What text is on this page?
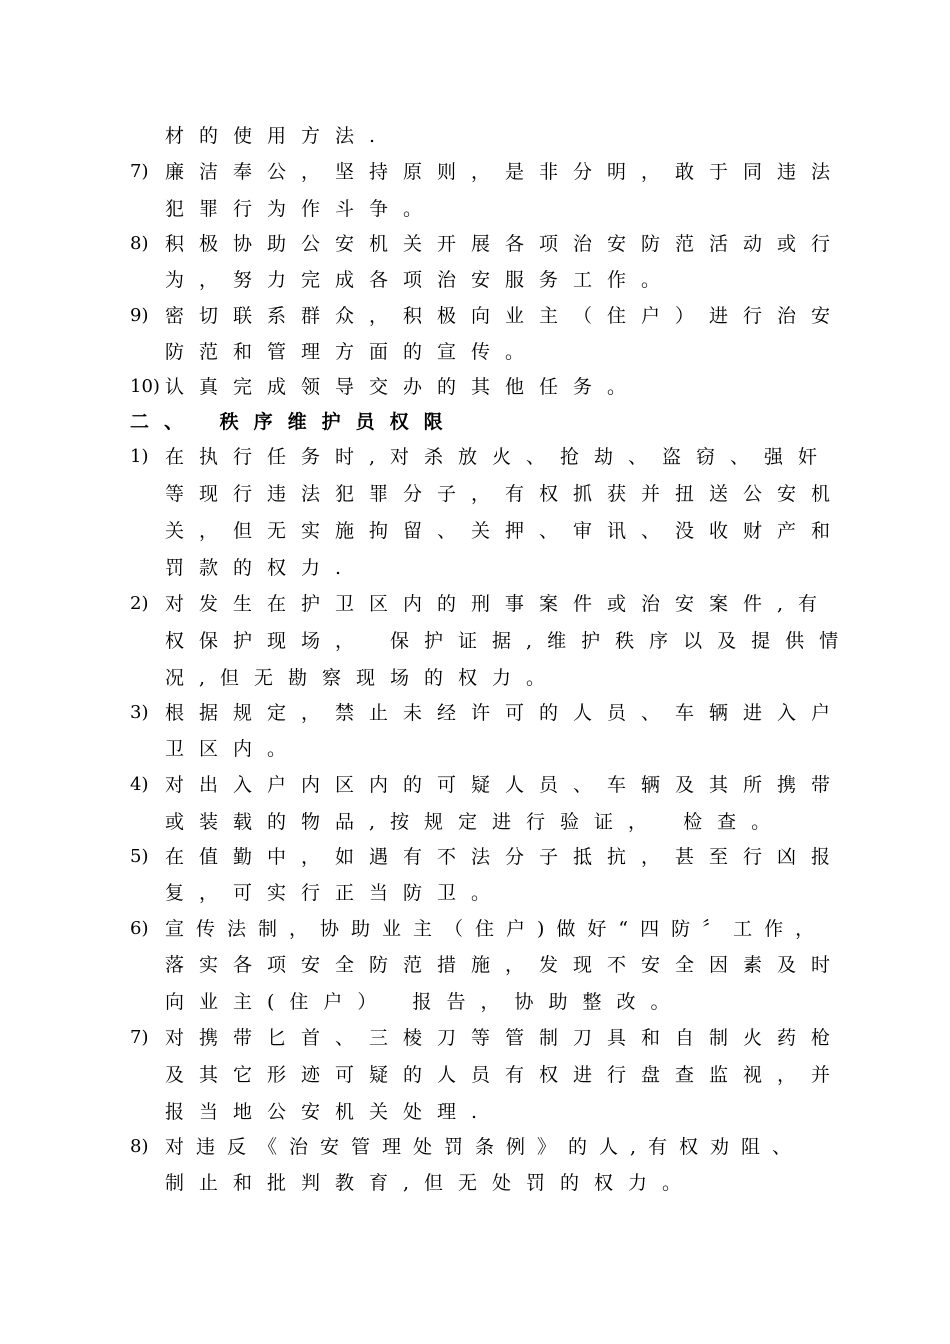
材的使用方法.
7) 廉洁奉公，坚持原则，是非分明，敢于同违法
犯罪行为作斗争。
8) 积极协助公安机关开展各项治安防范活动或行
为，努力完成各项治安服务工作。
9) 密切联系群众，积极向业主（住户）进行治安
防范和管理方面的宣传。
10) 认真完成领导交办的其他任务。
二、 秩序维护员权限
1) 在执行任务时,对杀放火、抢劫、盗窃、强奸
等现行违法犯罪分子，有权抓获并扭送公安机
关，但无实施拘留、关押、审讯、没收财产和
罚款的权力.
2) 对发生在护卫区内的刑事案件或治安案件,有
权保护现场， 保护证据,维护秩序以及提供情
况,但无勘察现场的权力。
3) 根据规定，禁止未经许可的人员、车辆进入户
卫区内。
4) 对出入户内区内的可疑人员、车辆及其所携带
或装载的物品,按规定进行验证， 检查。
5) 在值勤中，如遇有不法分子抵抗，甚至行凶报
复，可实行正当防卫。
6) 宣传法制，协助业主（住户)做好“四防〞工作，
落实各项安全防范措施，发现不安全因素及时
向业主(住户） 报告，协助整改。
7) 对携带匕首、三棱刀等管制刀具和自制火药枪
及其它形迹可疑的人员有权进行盘查监视，并
报当地公安机关处理.
8) 对违反《治安管理处罚条例》的人,有权劝阻、
制止和批判教育,但无处罚的权力。
